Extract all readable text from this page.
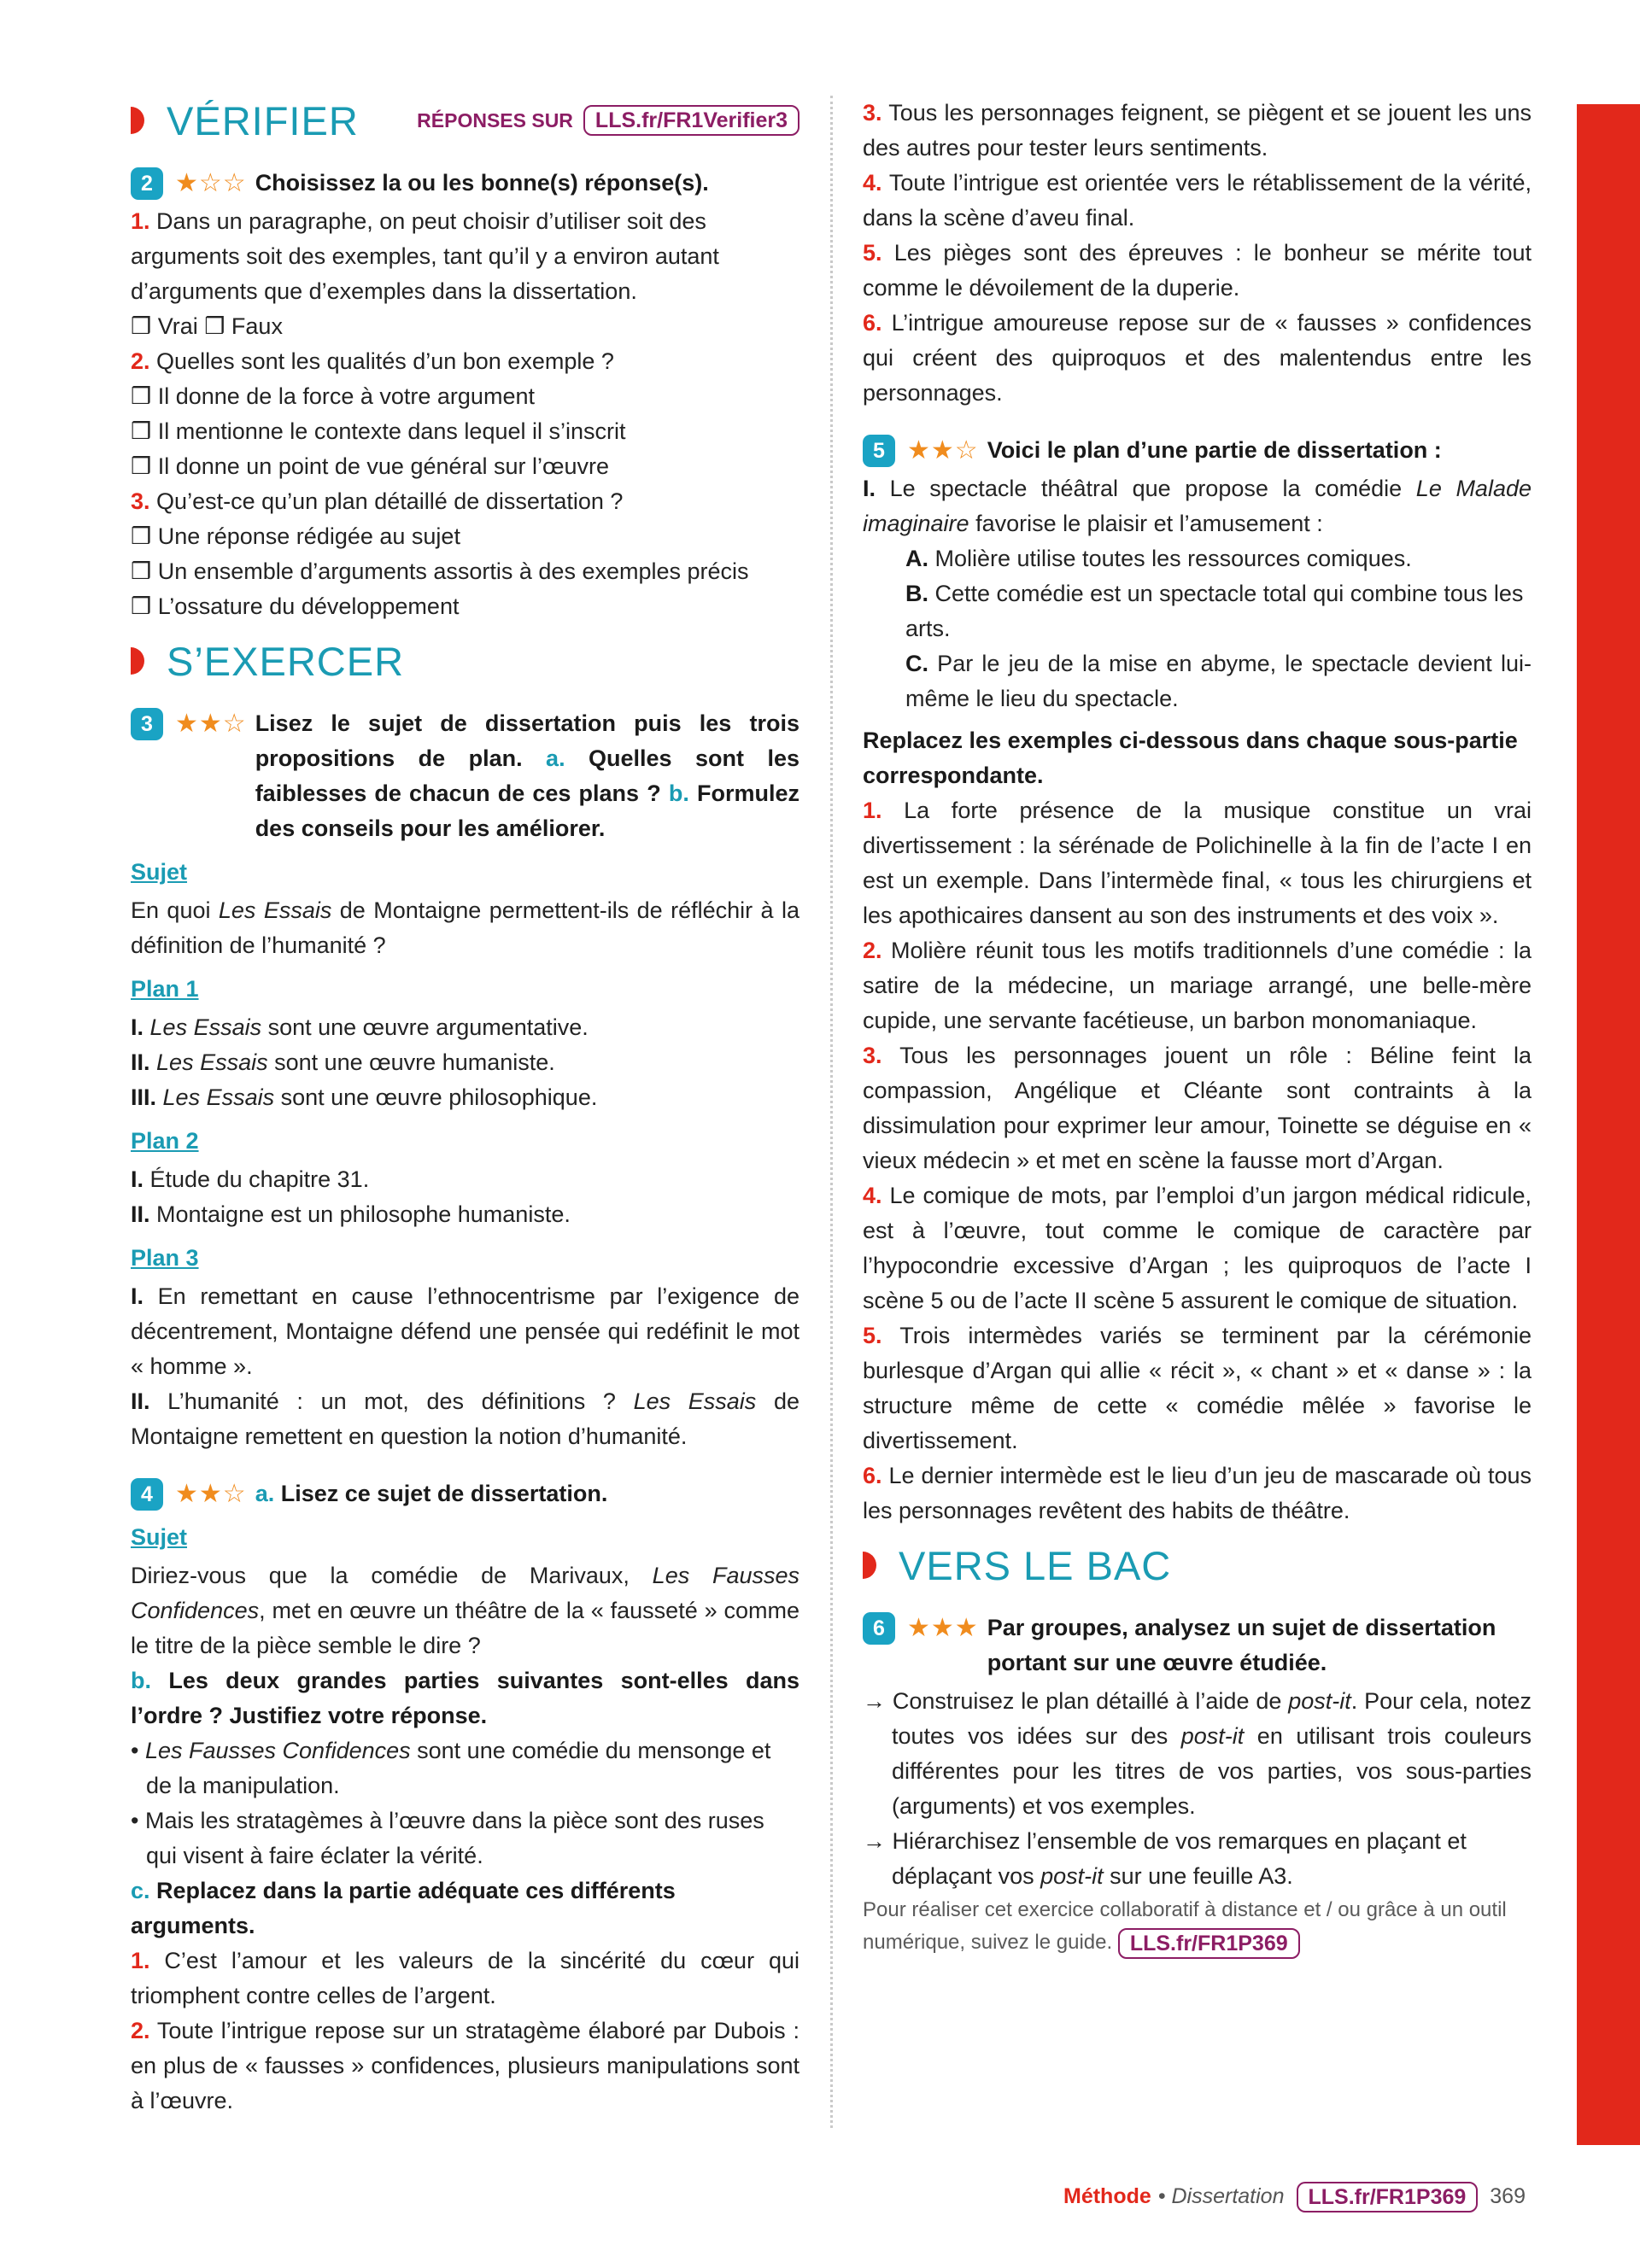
VÉRIFIER	RÉPONSES SUR	LLS.fr/FR1Verifier3
2 ★☆☆ Choisissez la ou les bonne(s) réponse(s).
1. Dans un paragraphe, on peut choisir d’utiliser soit des arguments soit des exemples, tant qu’il y a environ autant d’arguments que d’exemples dans la dissertation.
❒ Vrai ❒ Faux
2. Quelles sont les qualités d’un bon exemple ?
❒ Il donne de la force à votre argument
❒ Il mentionne le contexte dans lequel il s’inscrit
❒ Il donne un point de vue général sur l’œuvre
3. Qu’est-ce qu’un plan détaillé de dissertation ?
❒ Une réponse rédigée au sujet
❒ Un ensemble d’arguments assortis à des exemples précis
❒ L’ossature du développement
S’EXERCER
3 ★★☆ Lisez le sujet de dissertation puis les trois propositions de plan. a. Quelles sont les faiblesses de chacun de ces plans ? b. Formulez des conseils pour les améliorer.
Sujet
En quoi Les Essais de Montaigne permettent-ils de réfléchir à la définition de l’humanité ?
Plan 1
I. Les Essais sont une œuvre argumentative.
II. Les Essais sont une œuvre humaniste.
III. Les Essais sont une œuvre philosophique.
Plan 2
I. Étude du chapitre 31.
II. Montaigne est un philosophe humaniste.
Plan 3
I. En remettant en cause l’ethnocentrisme par l’exigence de décentrement, Montaigne défend une pensée qui redéfinit le mot « homme ».
II. L’humanité : un mot, des définitions ? Les Essais de Montaigne remettent en question la notion d’humanité.
4 ★★☆ a. Lisez ce sujet de dissertation.
Sujet
Diriez-vous que la comédie de Marivaux, Les Fausses Confidences, met en œuvre un théâtre de la « fausseté » comme le titre de la pièce semble le dire ?
b. Les deux grandes parties suivantes sont-elles dans l’ordre ? Justifiez votre réponse.
• Les Fausses Confidences sont une comédie du mensonge et de la manipulation.
• Mais les stratagèmes à l’œuvre dans la pièce sont des ruses qui visent à faire éclater la vérité.
c. Replacez dans la partie adéquate ces différents arguments.
1. C’est l’amour et les valeurs de la sincérité du cœur qui triomphent contre celles de l’argent.
2. Toute l’intrigue repose sur un stratagème élaboré par Dubois : en plus de « fausses » confidences, plusieurs manipulations sont à l’œuvre.
3. Tous les personnages feignent, se piègent et se jouent les uns des autres pour tester leurs sentiments.
4. Toute l’intrigue est orientée vers le rétablissement de la vérité, dans la scène d’aveu final.
5. Les pièges sont des épreuves : le bonheur se mérite tout comme le dévoilement de la duperie.
6. L’intrigue amoureuse repose sur de « fausses » confidences qui créent des quiproquos et des malentendus entre les personnages.
5 ★★☆ Voici le plan d’une partie de dissertation :
I. Le spectacle théâtral que propose la comédie Le Malade imaginaire favorise le plaisir et l’amusement :
A. Molière utilise toutes les ressources comiques.
B. Cette comédie est un spectacle total qui combine tous les arts.
C. Par le jeu de la mise en abyme, le spectacle devient lui-même le lieu du spectacle.
Replacez les exemples ci-dessous dans chaque sous-partie correspondante.
1. La forte présence de la musique constitue un vrai divertissement : la sérénade de Polichinelle à la fin de l’acte I en est un exemple. Dans l’intermède final, « tous les chirurgiens et les apothicaires dansent au son des instruments et des voix ».
2. Molière réunit tous les motifs traditionnels d’une comédie : la satire de la médecine, un mariage arrangé, une belle-mère cupide, une servante facétieuse, un barbon monomaniaque.
3. Tous les personnages jouent un rôle : Béline feint la compassion, Angélique et Cléante sont contraints à la dissimulation pour exprimer leur amour, Toinette se déguise en « vieux médecin » et met en scène la fausse mort d’Argan.
4. Le comique de mots, par l’emploi d’un jargon médical ridicule, est à l’œuvre, tout comme le comique de caractère par l’hypocondrie excessive d’Argan ; les quiproquos de l’acte I scène 5 ou de l’acte II scène 5 assurent le comique de situation.
5. Trois intermèdes variés se terminent par la cérémonie burlesque d’Argan qui allie « récit », « chant » et « danse » : la structure même de cette « comédie mêlée » favorise le divertissement.
6. Le dernier intermède est le lieu d’un jeu de mascarade où tous les personnages revêtent des habits de théâtre.
VERS LE BAC
6 ★★★ Par groupes, analysez un sujet de dissertation portant sur une œuvre étudiée.
→ Construisez le plan détaillé à l’aide de post-it. Pour cela, notez toutes vos idées sur des post-it en utilisant trois couleurs différentes pour les titres de vos parties, vos sous-parties (arguments) et vos exemples.
→ Hiérarchisez l’ensemble de vos remarques en plaçant et déplaçant vos post-it sur une feuille A3.
Pour réaliser cet exercice collaboratif à distance et / ou grâce à un outil numérique, suivez le guide. LLS.fr/FR1P369
Méthode • Dissertation	LLS.fr/FR1P369	369
